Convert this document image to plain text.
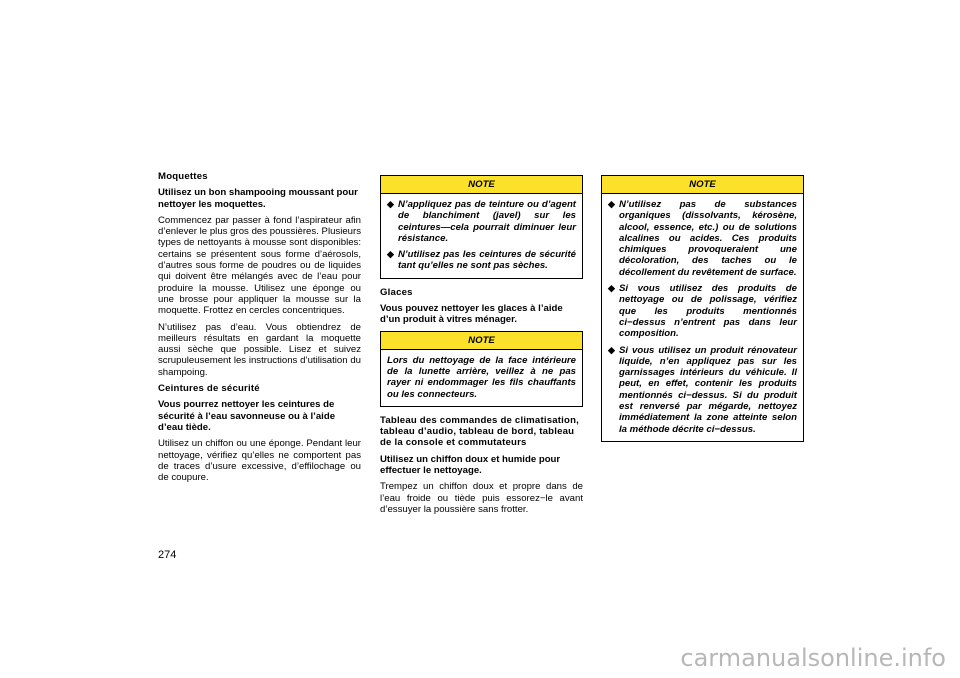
Moquettes

Utilisez un bon shampooing moussant pour nettoyer les moquettes.

Commencez par passer à fond l’aspirateur afin d’enlever le plus gros des poussières. Plusieurs types de nettoyants à mousse sont disponibles: certains se présentent sous forme d’aérosols, d’autres sous forme de poudres ou de liquides qui doivent être mélangés avec de l’eau pour produire la mousse. Utilisez une éponge ou une brosse pour appliquer la mousse sur la moquette. Frottez en cercles concentriques.

N’utilisez pas d’eau. Vous obtiendrez de meilleurs résultats en gardant la moquette aussi sèche que possible. Lisez et suivez scrupuleusement les instructions d’utilisation du shampoing.

Ceintures de sécurité

Vous pourrez nettoyer les ceintures de sécurité à l’eau savonneuse ou à l’aide d’eau tiède.

Utilisez un chiffon ou une éponge. Pendant leur nettoyage, vérifiez qu’elles ne comportent pas de traces d’usure excessive, d’effilochage ou de coupure.

NOTE
◆ N’appliquez pas de teinture ou d’agent de blanchiment (javel) sur les ceintures—cela pourrait diminuer leur résistance.
◆ N’utilisez pas les ceintures de sécurité tant qu’elles ne sont pas sèches.

Glaces

Vous pouvez nettoyer les glaces à l’aide d’un produit à vitres ménager.

NOTE
Lors du nettoyage de la face intérieure de la lunette arrière, veillez à ne pas rayer ni endommager les fils chauffants ou les connecteurs.

Tableau des commandes de climatisation, tableau d’audio, tableau de bord, tableau de la console et commutateurs

Utilisez un chiffon doux et humide pour effectuer le nettoyage.

Trempez un chiffon doux et propre dans de l’eau froide ou tiède puis essorez−le avant d’essuyer la poussière sans frotter.

NOTE
◆ N’utilisez pas de substances organiques (dissolvants, kérosène, alcool, essence, etc.) ou de solutions alcalines ou acides. Ces produits chimiques provoqueraient une décoloration, des taches ou le décollement du revêtement de surface.
◆ Si vous utilisez des produits de nettoyage ou de polissage, vérifiez que les produits mentionnés ci−dessus n’entrent pas dans leur composition.
◆ Si vous utilisez un produit rénovateur liquide, n’en appliquez pas sur les garnissages intérieurs du véhicule. Il peut, en effet, contenir les produits mentionnés ci−dessus. Si du produit est renversé par mégarde, nettoyez immédiatement la zone atteinte selon la méthode décrite ci−dessus.
274
carmanualsonline.info
